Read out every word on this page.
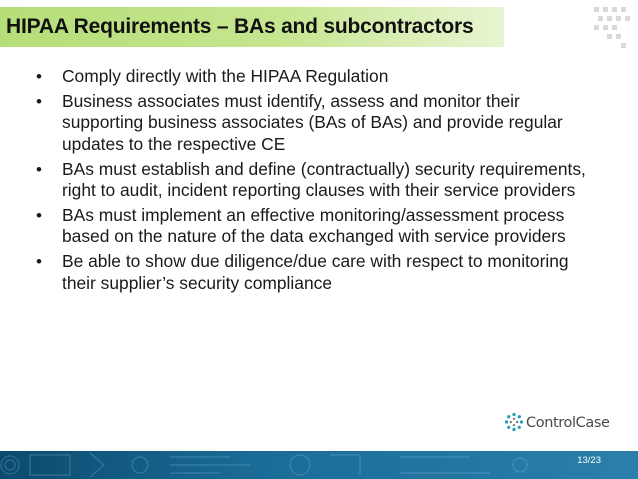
HIPAA Requirements – BAs and subcontractors
• Comply directly with the HIPAA Regulation
• Business associates must identify, assess and monitor their supporting business associates (BAs of BAs) and provide regular updates to the respective CE
• BAs must establish and define (contractually) security requirements, right to audit, incident reporting clauses with their service providers
• BAs must implement an effective monitoring/assessment process based on the nature of the data exchanged with service providers
• Be able to show due diligence/due care with respect to monitoring their supplier’s security compliance
ControlCase
13/23
